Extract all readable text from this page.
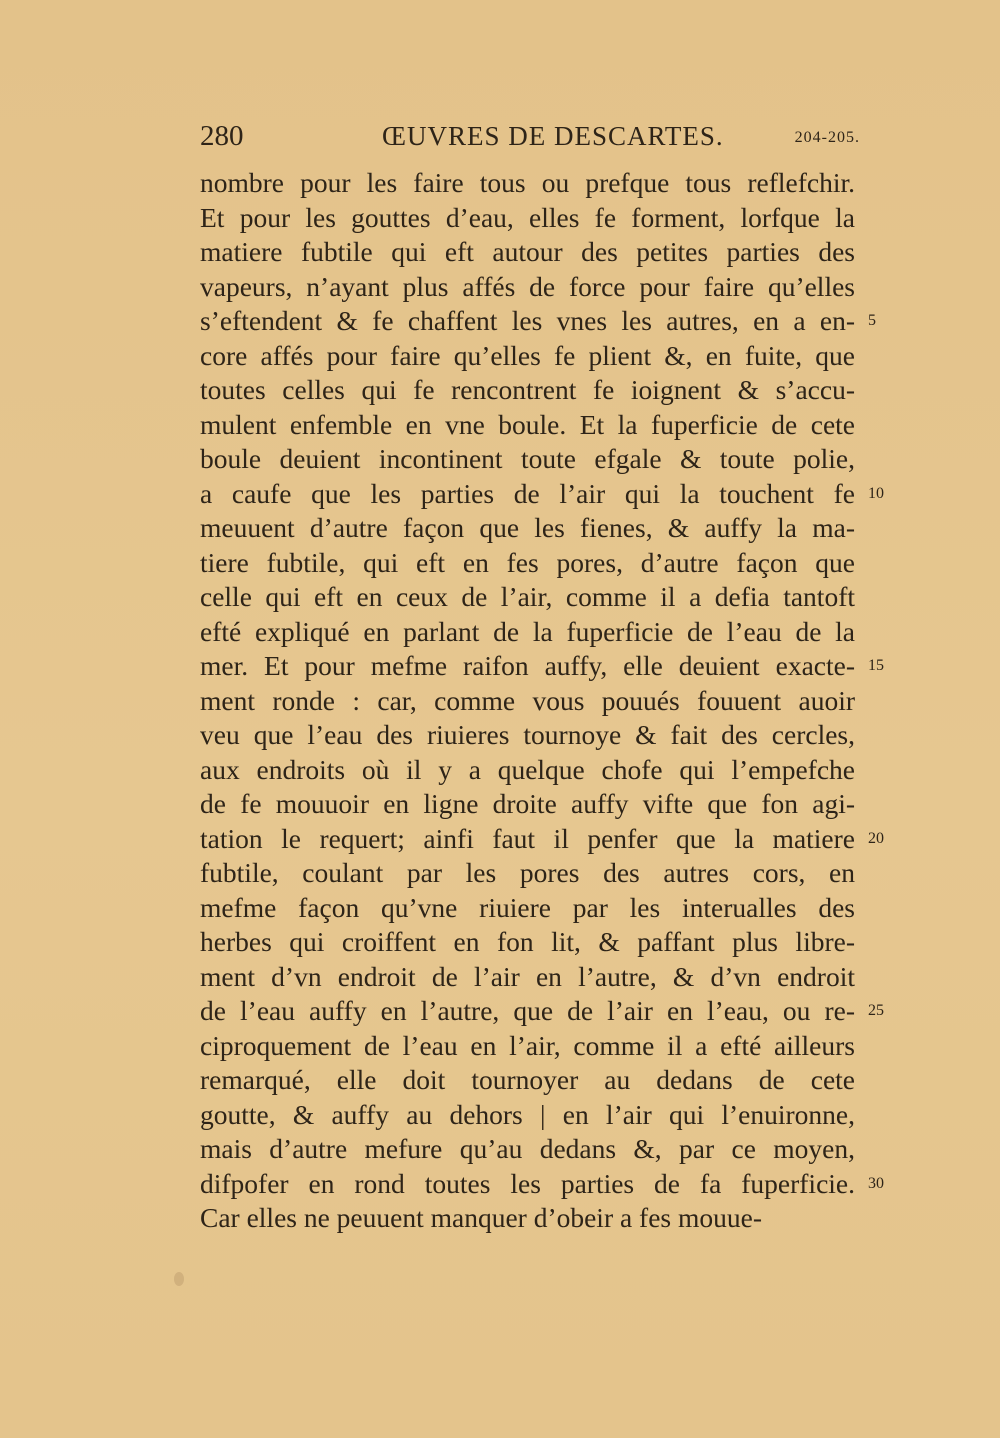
280	ŒUVRES DE DESCARTES.	204-205.
nombre pour les faire tous ou prefque tous reflefchir.
Et pour les gouttes d’eau, elles fe forment, lorfque la
matiere fubtile qui eft autour des petites parties des
vapeurs, n’ayant plus affés de force pour faire qu’elles
s’eftendent & fe chaffent les vnes les autres, en a en-
core affés pour faire qu’elles fe plient &, en fuite, que
toutes celles qui fe rencontrent fe ioignent & s’accu-
mulent enfemble en vne boule. Et la fuperficie de cete
boule deuient incontinent toute efgale & toute polie,
a caufe que les parties de l’air qui la touchent fe
meuuent d’autre façon que les fienes, & auffy la ma-
tiere fubtile, qui eft en fes pores, d’autre façon que
celle qui eft en ceux de l’air, comme il a defia tantoft
efté expliqué en parlant de la fuperficie de l’eau de la
mer. Et pour mefme raifon auffy, elle deuient exacte-
ment ronde : car, comme vous pouués fouuent auoir
veu que l’eau des riuieres tournoye & fait des cercles,
aux endroits où il y a quelque chofe qui l’empefche
de fe mouuoir en ligne droite auffy vifte que fon agi-
tation le requert; ainfi faut il penfer que la matiere
fubtile, coulant par les pores des autres cors, en
mefme façon qu’vne riuiere par les interualles des
herbes qui croiffent en fon lit, & paffant plus libre-
ment d’vn endroit de l’air en l’autre, & d’vn endroit
de l’eau auffy en l’autre, que de l’air en l’eau, ou re-
ciproquement de l’eau en l’air, comme il a efté ailleurs
remarqué, elle doit tournoyer au dedans de cete
goutte, & auffy au dehors | en l’air qui l’enuironne,
mais d’autre mefure qu’au dedans &, par ce moyen,
difpofer en rond toutes les parties de fa fuperficie.
Car elles ne peuuent manquer d’obeir a fes mouue-
5
10
15
20
25
30
